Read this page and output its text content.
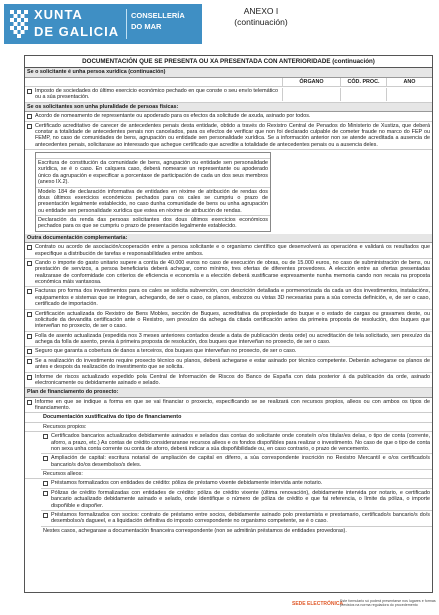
XUNTA
DE GALICIA
CONSELLERÍA
DO MAR
ANEXO I
(continuación)
DOCUMENTACIÓN QUE SE PRESENTA OU XA PRESENTADA CON ANTERIORIDADE (continuación)
Se o solicitante é unha persoa xurídica (continuación)
ÓRGANO	CÓD. PROC.	ANO
Imposto de sociedades do último exercicio económico pechado en que conste o seu envío telemático ou a súa presentación.
Se os solicitantes son unha pluralidade de persoas físicas:
Acordo de nomeamento de representante ou apoderado para os efectos da solicitude de axuda, asinado por todos.
Certificado acreditativo de carecer de antecedentes penais desta entidade, obtido a través do Rexistro Central de Penados do Ministerio de Xustiza, que deberá constar a totalidade de antecedentes penais non cancelados, para os efectos de verificar que non foi declarado culpable de cometer fraude no marco do FEP ou FEMP, no caso de comunidades de bens, agrupación ou entidade sen personalidade xurídica. Se a información anterior non se atende acreditada a ausencia de antecedentes penais, solicitarase ao interesado que achegue certificado que acredite a totalidade de antecedentes penais ou a ausencia deles.
Escritura de constitución da comunidade de bens, agrupación ou entidade sen personalidade xurídica, se é o caso. En calquera caso, deberá nomearse un representante ou apoderado único da agrupación e especificar a porcentaxe de participación de cada un dos seus membros (anexo IX.2).
Modelo 184 de declaración informativa de entidades en réxime de atribución de rendas dos dous últimos exercicios económicos pechados para os cales se cumpriu o prazo de presentación legalmente establecido, no caso dunha comunidade de bens ou unha agrupación ou entidade sen personalidade xurídica que estea en réxime de atribución de rendas.
Declaración da renda das persoas solicitantes dos dous últimos exercicios económicos pechados para os que se cumpriu o prazo de presentación legalmente establecido.
Outra documentación complementaria:
Contrato ou acordo de asociación/cooperación entre a persoa solicitante e o organismo científico que desenvolverá as operacións e validará os resultados que especifique a distribución de tarefas e responsabilidades entre ambos.
Cando o importe do gasto unitario supere a contía de 40.000 euros no caso de execución de obras, ou de 15.000 euros, no caso de subministración de bens, ou prestación de servizos, a persoa beneficiaria deberá achegar, como mínimo, tres ofertas de diferentes provedores. A elección entre as ofertas presentadas realizarase de conformidade con criterios de eficiencia e economía e a elección deberá xustificarse expresamente nunha memoria cando non recaia na proposta económica máis vantaxosa.
Facturas pro forma dos investimentos para os cales se solicita subvención, con descrición detallada e pormenorizada da cada un dos investimentos, instalacións, equipamentos e sistemas que se integran, achegando, de ser o caso, os planos, esbozos ou vistas 3D necesarias para a súa correcta definición, e, de ser o caso, certificado de importación.
Certificación actualizada do Rexistro de Bens Mobles, sección de Buques, acreditativa da propiedade do buque e o estado de cargas ou gravames deste, ou solicitude da devandita certificación ante o Rexistro, sen prexuízo da achega da citada certificación antes da primeira proposta de resolución, dos buques que interveñan no proxecto, de ser o caso.
Folla de asento actualizada (expedida nos 3 meses anteriores contados desde a data de publicación desta orde) ou acreditación de tela solicitado, sen prexuízo da achega da folla de asento, previa á primeira proposta de resolución, dos buques que interveñan no proxecto, de ser o caso.
Seguro que garanta a cobertura de danos a terceiros, dos buques que interveñan no proxecto, de ser o caso.
Se a realización do investimento require proxecto técnico ou planos, deberá achegarse e estar asinado por técnico competente. Deberán achegarse os planos de antes e despois da realización do investimento que se solicita.
Informe de riscos actualizado expedido pola Central de Información de Riscos do Banco de España con data posterior á da publicación da orde, asinado electronicamente ou debidamente asinado e selado.
Plan de financiamento do proxecto:
Informe en que se indique a forma en que se vai financiar o proxecto, especificando se se realizará con recursos propios, alleos ou con ambos os tipos de financiamento.
Documentación xustificativa do tipo de financiamento
Recursos propios:
Certificados bancarios actualizados debidamente asinados e selados das contas do solicitante onde conste/n o/os titular/es delas, o tipo de conta (corrente, aforro, a prazo, etc.) As contas de crédito consideraranse recursos alleos e os fondos dispoñibles para realizar o investimento. No caso de que o tipo de conta non sexa unha conta corrente ou conta de aforro, deberá indicar a súa dispoñibilidade ou, en caso contrario, o prazo de vencemento.
Ampliación de capital: escritura notarial de ampliación de capital en diferro, a súa correspondente inscrición no Rexistro Mercantil e o/os certificado/s bancario/s do/os desembolso/s deles.
Recursos alleos:
Préstamos formalizados con entidades de crédito: póliza de préstamo vixente debidamente intervida ante notario.
Pólizas de crédito formalizadas con entidades de crédito: póliza de crédito vixente (última renovación), debidamente intervida por notario, e certificado bancario actualizado debidamente asinado e selado, onde identifique o número de póliza de crédito e que fai referencia, o límite da póliza, o importe dispoñible e dispoñer.
Préstamos formalizados con socios: contrato de préstamo entre socios, debidamente asinado polo prestamista e prestamario, certificado/s bancario/s do/s desembolso/s dagueel, e a liquidación definitiva do imposto correspondente no organismo competente, se é o caso.
Nestes casos, achegarase a documentación financeira correspondente (non se admitirán préstamos de entidades provedoras).
SEDE ELECTRÓNICA
Este formulario só poderá presentarse nos lugares e formas previstos na norma reguladora do procedemento
